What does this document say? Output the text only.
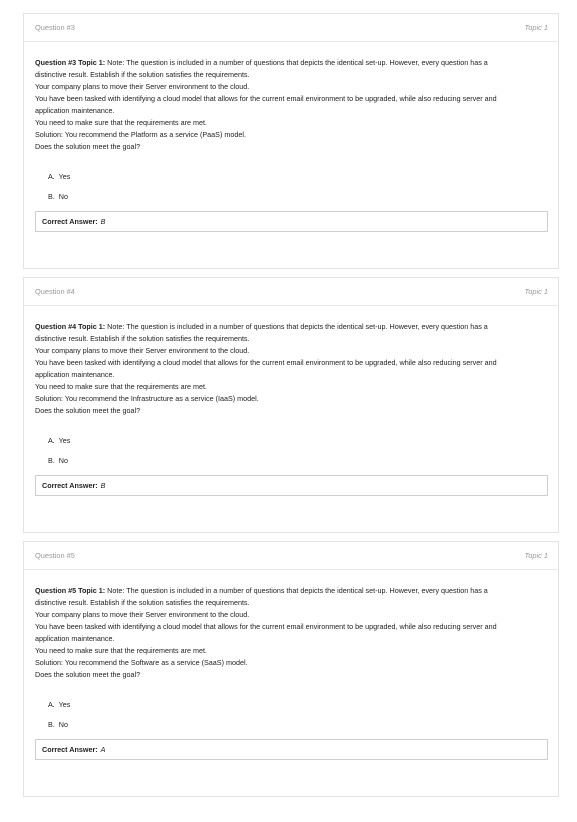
Question #3	Topic 1

Question #3 Topic 1: Note: The question is included in a number of questions that depicts the identical set-up. However, every question has a

distinctive result. Establish if the solution satisfies the requirements.

Your company plans to move their Server environment to the cloud.

You have been tasked with identifying a cloud model that allows for the current email environment to be upgraded, while also reducing server and

application maintenance.

You need to make sure that the requirements are met.

Solution: You recommend the Platform as a service (PaaS) model.

Does the solution meet the goal?

A. Yes
B. No
Correct Answer: B
Question #4	Topic 1

Question #4 Topic 1: Note: The question is included in a number of questions that depicts the identical set-up. However, every question has a

distinctive result. Establish if the solution satisfies the requirements.

Your company plans to move their Server environment to the cloud.

You have been tasked with identifying a cloud model that allows for the current email environment to be upgraded, while also reducing server and

application maintenance.

You need to make sure that the requirements are met.

Solution: You recommend the Infrastructure as a service (IaaS) model.

Does the solution meet the goal?

A. Yes
B. No
Correct Answer: B
Question #5	Topic 1

Question #5 Topic 1: Note: The question is included in a number of questions that depicts the identical set-up. However, every question has a

distinctive result. Establish if the solution satisfies the requirements.

Your company plans to move their Server environment to the cloud.

You have been tasked with identifying a cloud model that allows for the current email environment to be upgraded, while also reducing server and

application maintenance.

You need to make sure that the requirements are met.

Solution: You recommend the Software as a service (SaaS) model.

Does the solution meet the goal?

A. Yes
B. No
Correct Answer: A
